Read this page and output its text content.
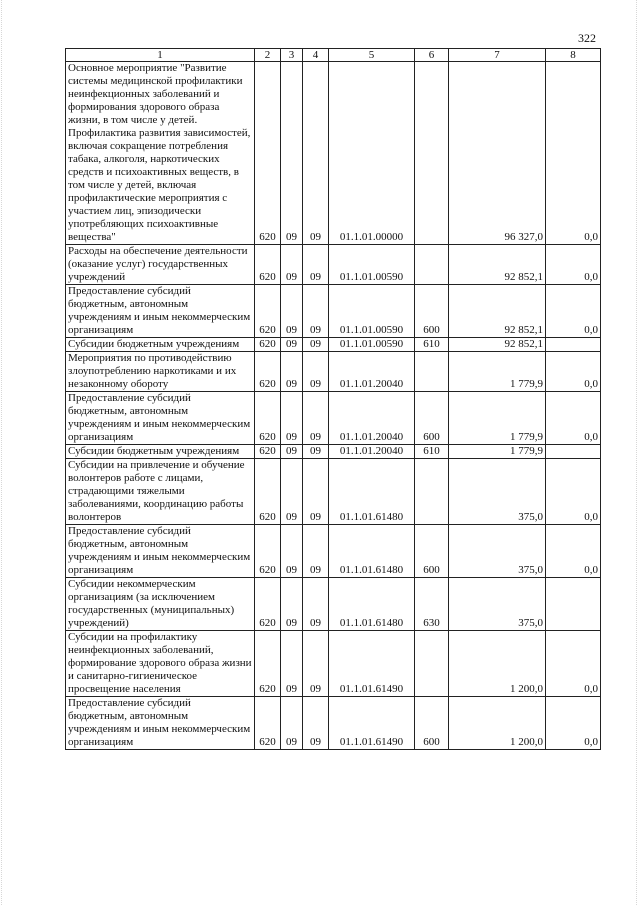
322
1	2	3	4	5	6	7	8
Основное мероприятие "Развитие системы медицинской профилактики неинфекционных заболеваний и формирования здорового образа жизни, в том числе у детей. Профилактика развития зависимостей, включая сокращение потребления табака, алкоголя, наркотических средств и психоактивных веществ, в том числе у детей, включая профилактические мероприятия с участием лиц, эпизодически употребляющих психоактивные вещества"	620	09	09	01.1.01.00000		96 327,0	0,0
Расходы на обеспечение деятельности (оказание услуг) государственных учреждений	620	09	09	01.1.01.00590		92 852,1	0,0
Предоставление субсидий бюджетным, автономным учреждениям и иным некоммерческим организациям	620	09	09	01.1.01.00590	600	92 852,1	0,0
Субсидии бюджетным учреждениям	620	09	09	01.1.01.00590	610	92 852,1	
Мероприятия по противодействию злоупотреблению наркотиками и их незаконному обороту	620	09	09	01.1.01.20040		1 779,9	0,0
Предоставление субсидий бюджетным, автономным учреждениям и иным некоммерческим организациям	620	09	09	01.1.01.20040	600	1 779,9	0,0
Субсидии бюджетным учреждениям	620	09	09	01.1.01.20040	610	1 779,9	
Субсидии на привлечение и обучение волонтеров работе с лицами, страдающими тяжелыми заболеваниями, координацию работы волонтеров	620	09	09	01.1.01.61480		375,0	0,0
Предоставление субсидий бюджетным, автономным учреждениям и иным некоммерческим организациям	620	09	09	01.1.01.61480	600	375,0	0,0
Субсидии некоммерческим организациям (за исключением государственных (муниципальных) учреждений)	620	09	09	01.1.01.61480	630	375,0	
Субсидии на профилактику неинфекционных заболеваний, формирование здорового образа жизни и санитарно-гигиеническое просвещение населения	620	09	09	01.1.01.61490		1 200,0	0,0
Предоставление субсидий бюджетным, автономным учреждениям и иным некоммерческим организациям	620	09	09	01.1.01.61490	600	1 200,0	0,0
